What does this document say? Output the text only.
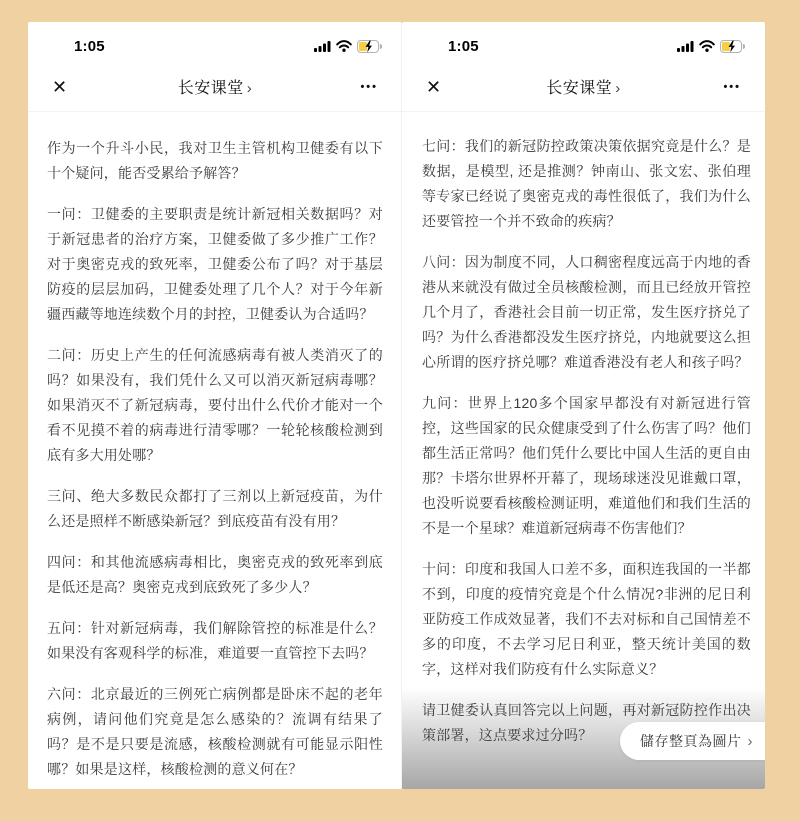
1:05
✕	长安课堂 ›	•••

作为一个升斗小民，我对卫生主管机构卫健委有以下十个疑问，能否受累给予解答？

一问：卫健委的主要职责是统计新冠相关数据吗？对于新冠患者的治疗方案，卫健委做了多少推广工作？对于奥密克戎的致死率，卫健委公布了吗？对于基层防疫的层层加码，卫健委处理了几个人？对于今年新疆西藏等地连续数个月的封控，卫健委认为合适吗？

二问：历史上产生的任何流感病毒有被人类消灭了的吗？如果没有，我们凭什么又可以消灭新冠病毒哪？如果消灭不了新冠病毒，要付出什么代价才能对一个看不见摸不着的病毒进行清零哪？一轮轮核酸检测到底有多大用处哪？

三问、绝大多数民众都打了三剂以上新冠疫苗，为什么还是照样不断感染新冠？到底疫苗有没有用？

四问：和其他流感病毒相比，奥密克戎的致死率到底是低还是高？奥密克戎到底致死了多少人？

五问：针对新冠病毒，我们解除管控的标准是什么？如果没有客观科学的标准，难道要一直管控下去吗？

六问：北京最近的三例死亡病例都是卧床不起的老年病例，请问他们究竟是怎么感染的？流调有结果了吗？是不是只要是流感，核酸检测就有可能显示阳性哪？如果是这样，核酸检测的意义何在？

1:05
✕	长安课堂 ›	•••

七问：我们的新冠防控政策决策依据究竟是什么？是数据，是模型, 还是推测？钟南山、张文宏、张伯理等专家已经说了奥密克戎的毒性很低了，我们为什么还要管控一个并不致命的疾病？

八问：因为制度不同，人口稠密程度远高于内地的香港从来就没有做过全员核酸检测，而且已经放开管控几个月了，香港社会目前一切正常，发生医疗挤兑了吗？为什么香港都没发生医疗挤兑，内地就要这么担心所谓的医疗挤兑哪？难道香港没有老人和孩子吗？

九问：世界上120多个国家早都没有对新冠进行管控，这些国家的民众健康受到了什么伤害了吗？他们都生活正常吗？他们凭什么要比中国人生活的更自由那？卡塔尔世界杯开幕了，现场球迷没见谁戴口罩，也没听说要看核酸检测证明，难道他们和我们生活的不是一个星球？难道新冠病毒不伤害他们？

十问：印度和我国人口差不多，面积连我国的一半都不到，印度的疫情究竟是个什么情况?非洲的尼日利亚防疫工作成效显著，我们不去对标和自己国情差不多的印度，不去学习尼日利亚，整天统计美国的数字，这样对我们防疫有什么实际意义？

请卫健委认真回答完以上问题，再对新冠防控作出决策部署，这点要求过分吗？	儲存整頁為圖片 ›
